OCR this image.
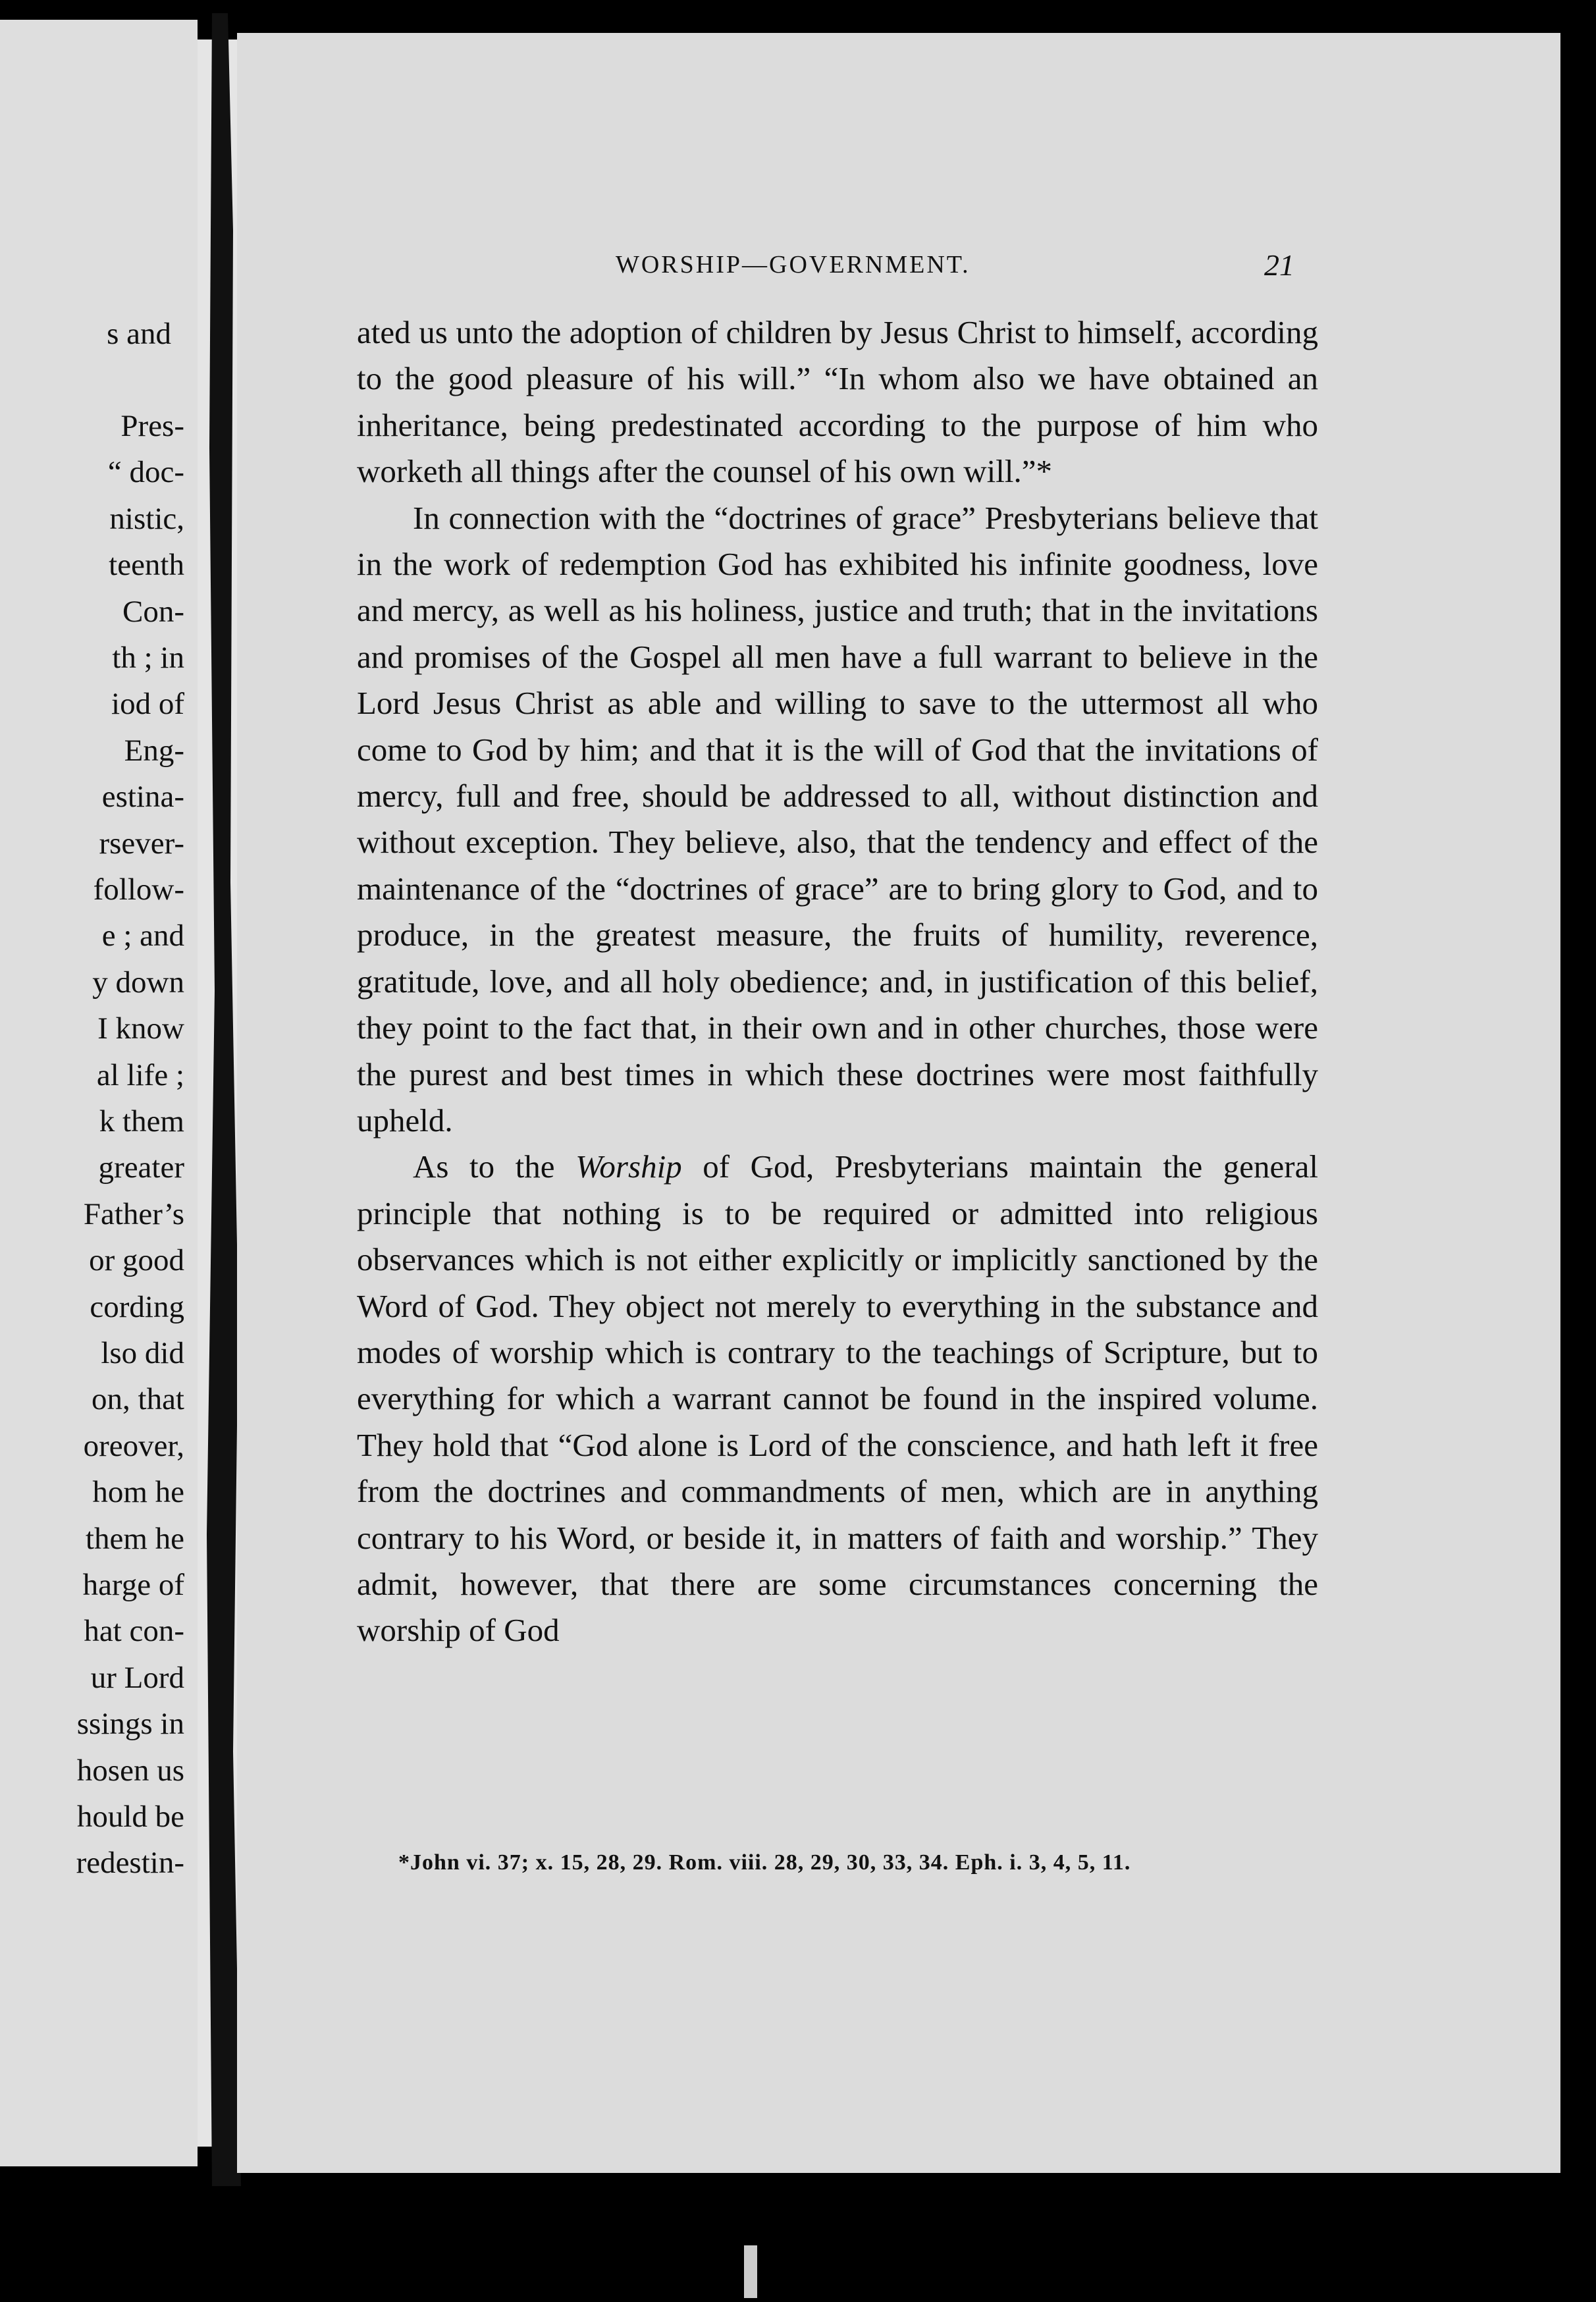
s and
Pres-
“ doc-
nistic,
teenth
Con-
th ; in
iod of
Eng-
estina-
rsever-
follow-
e ; and
y down
I know
al life ;
k them
greater
Father’s
or good
cording
lso did
on, that
oreover,
hom he
them he
harge of
hat con-
ur Lord
ssings in
hosen us
hould be
redestin-
WORSHIP—GOVERNMENT.	21

ated us unto the adoption of children by Jesus Christ to himself, according to the good pleasure of his will.” “In whom also we have obtained an inheritance, being predestinated according to the purpose of him who worketh all things after the counsel of his own will.”*

In connection with the “doctrines of grace” Presbyterians believe that in the work of redemption God has exhibited his infinite goodness, love and mercy, as well as his holiness, justice and truth; that in the invitations and promises of the Gospel all men have a full warrant to believe in the Lord Jesus Christ as able and willing to save to the uttermost all who come to God by him; and that it is the will of God that the invitations of mercy, full and free, should be addressed to all, without distinction and without exception. They believe, also, that the tendency and effect of the maintenance of the “doctrines of grace” are to bring glory to God, and to produce, in the greatest measure, the fruits of humility, reverence, gratitude, love, and all holy obedience; and, in justification of this belief, they point to the fact that, in their own and in other churches, those were the purest and best times in which these doctrines were most faithfully upheld.

As to the Worship of God, Presbyterians maintain the general principle that nothing is to be required or admitted into religious observances which is not either explicitly or implicitly sanctioned by the Word of God. They object not merely to everything in the substance and modes of worship which is contrary to the teachings of Scripture, but to everything for which a warrant cannot be found in the inspired volume. They hold that “God alone is Lord of the conscience, and hath left it free from the doctrines and commandments of men, which are in anything contrary to his Word, or beside it, in matters of faith and worship.” They admit, however, that there are some circumstances concerning the worship of God

*John vi. 37; x. 15, 28, 29. Rom. viii. 28, 29, 30, 33, 34. Eph. i. 3, 4, 5, 11.
